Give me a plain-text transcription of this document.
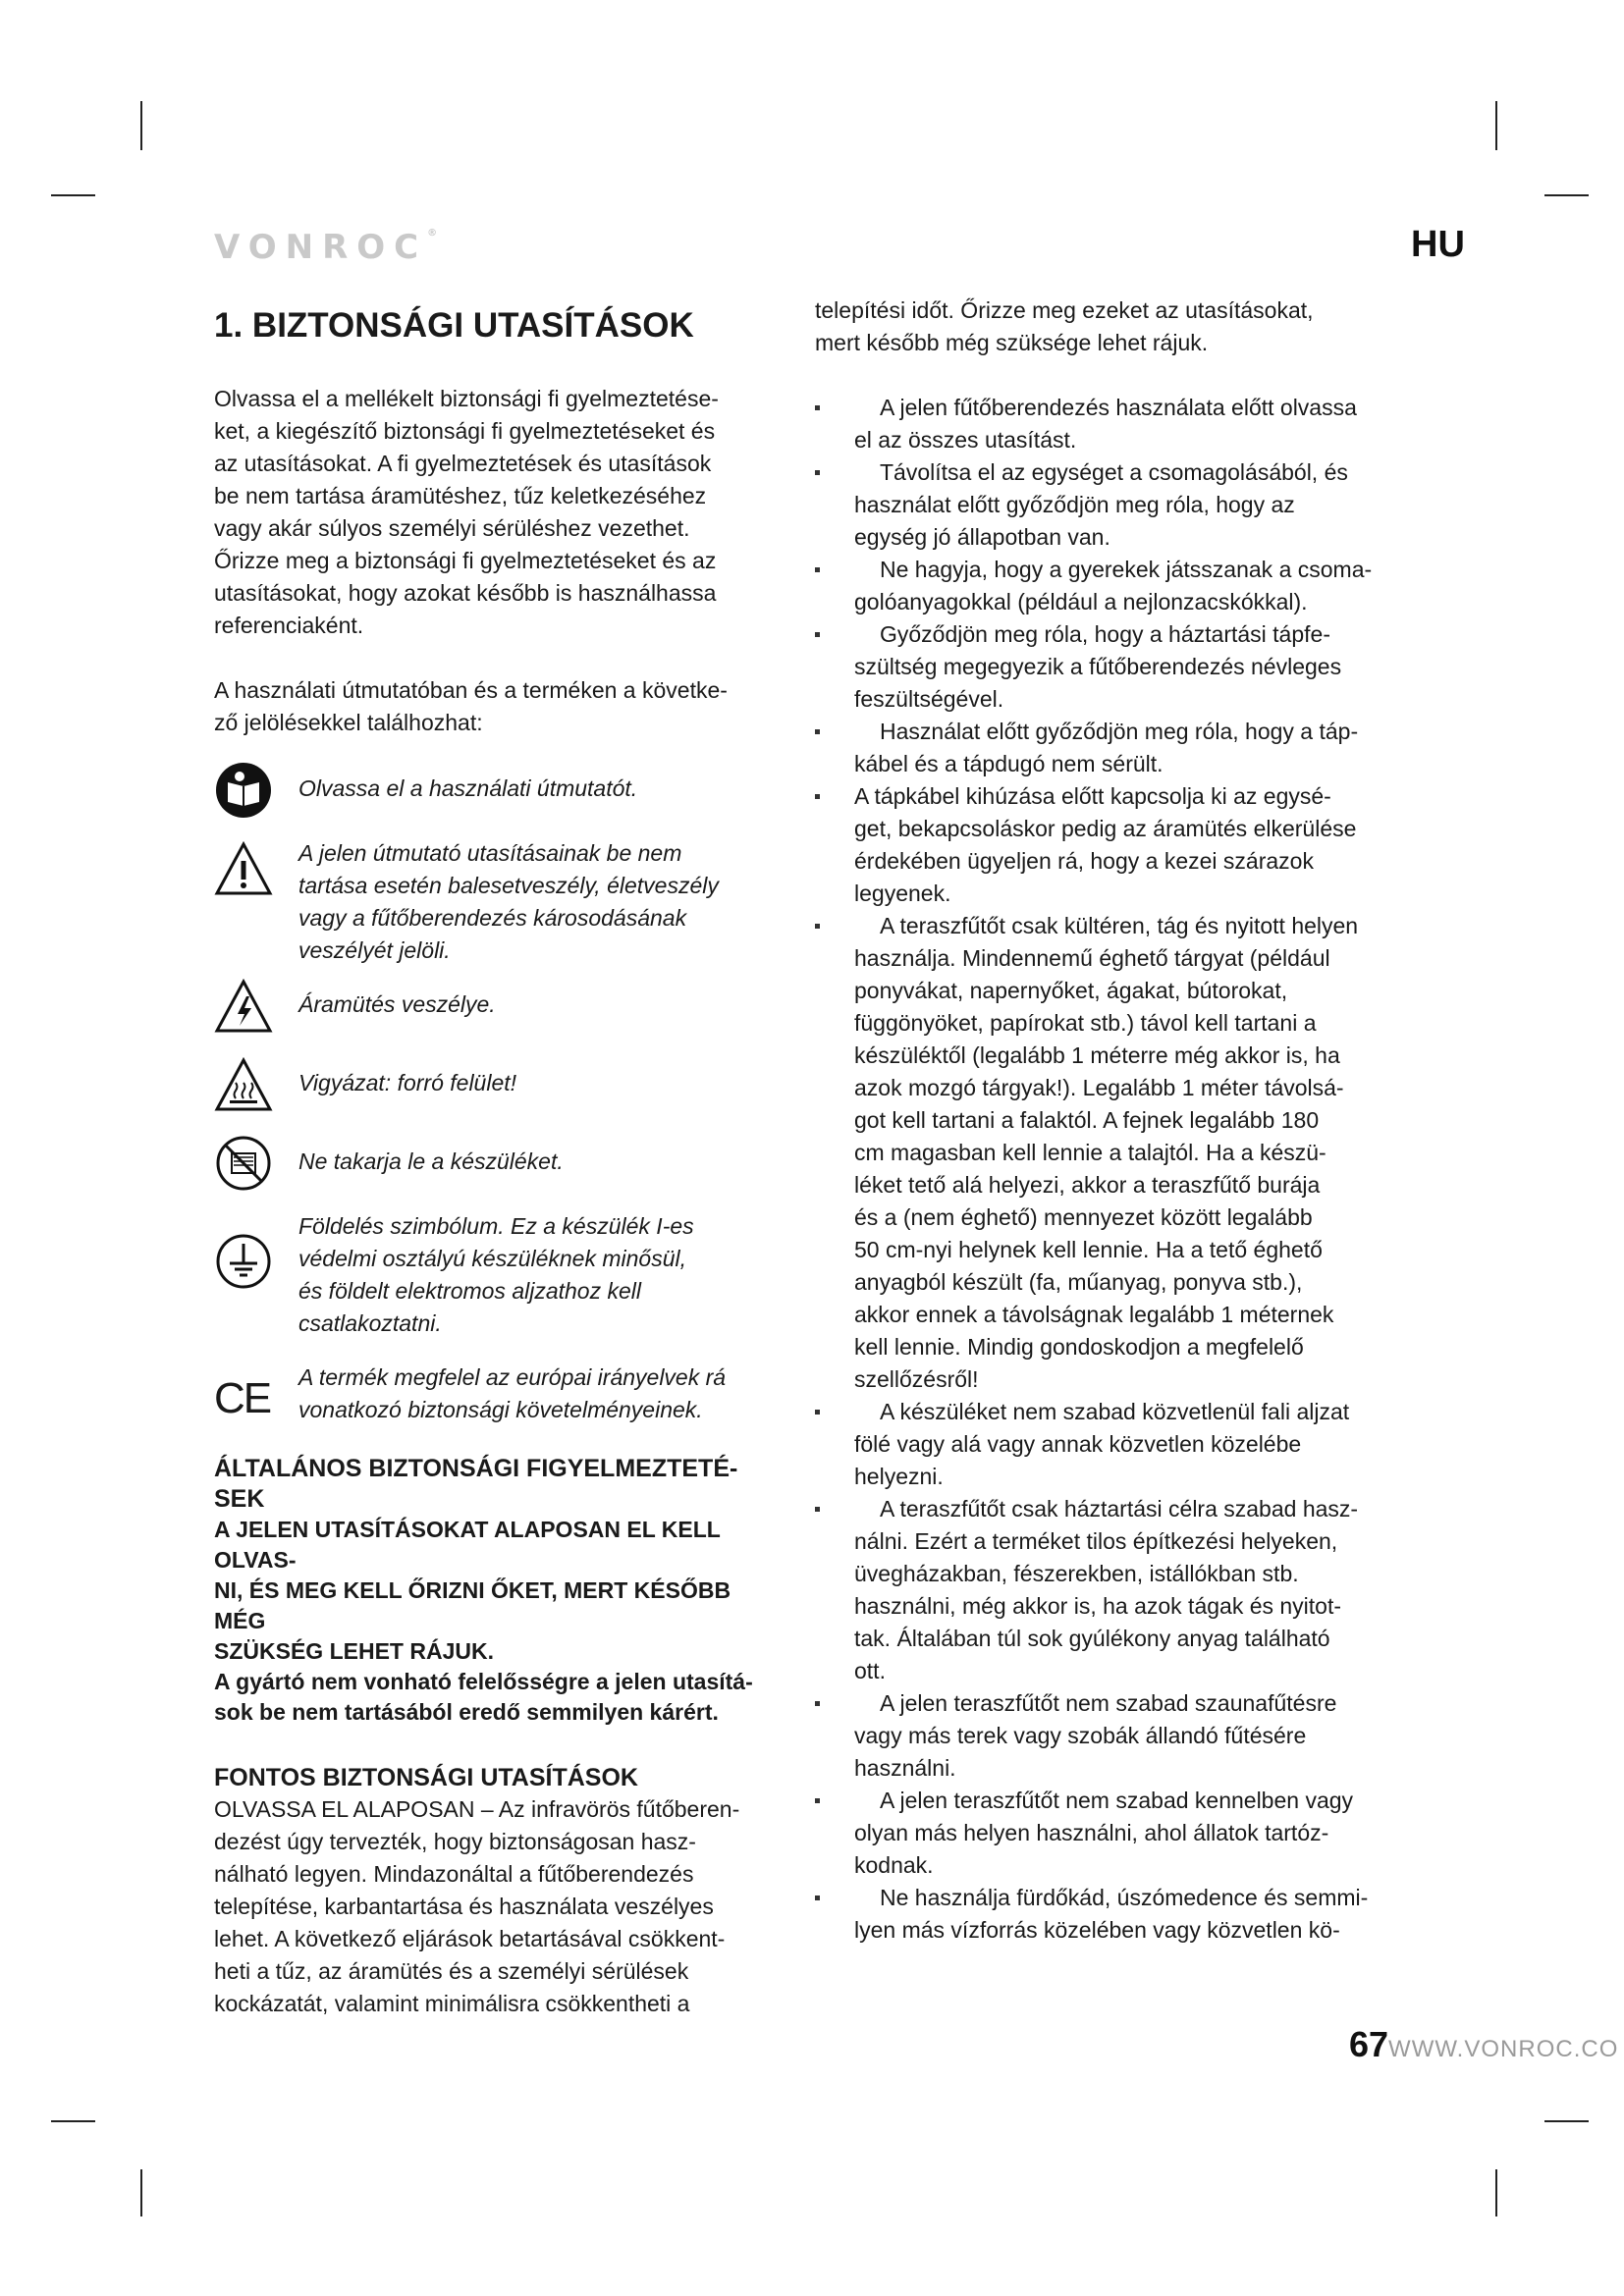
VONROC®	HU
1. BIZTONSÁGI UTASÍTÁSOK
Olvassa el a mellékelt biztonsági fi gyelmeztetése-
ket, a kiegészítő biztonsági fi gyelmeztetéseket és
az utasításokat. A fi gyelmeztetések és utasítások
be nem tartása áramütéshez, tűz keletkezéséhez
vagy akár súlyos személyi sérüléshez vezethet.
Őrizze meg a biztonsági fi gyelmeztetéseket és az
utasításokat, hogy azokat később is használhassa
referenciaként.
A használati útmutatóban és a terméken a követke-
ző jelölésekkel találhozhat:
Olvassa el a használati útmutatót.
A jelen útmutató utasításainak be nem
tartása esetén balesetveszély, életveszély
vagy a fűtőberendezés károsodásának
veszélyét jelöli.
Áramütés veszélye.
Vigyázat: forró felület!
Ne takarja le a készüléket.
Földelés szimbólum. Ez a készülék I-es
védelmi osztályú készüléknek minősül,
és földelt elektromos aljzathoz kell
csatlakoztatni.
CE A termék megfelel az európai irányelvek rá
vonatkozó biztonsági követelményeinek.
ÁLTALÁNOS BIZTONSÁGI FIGYELMEZTETÉ-
SEK
A JELEN UTASÍTÁSOKAT ALAPOSAN EL KELL OLVAS-
NI, ÉS MEG KELL ŐRIZNI ŐKET, MERT KÉSŐBB MÉG
SZÜKSÉG LEHET RÁJUK.
A gyártó nem vonható felelősségre a jelen utasítá-
sok be nem tartásából eredő semmilyen kárért.
FONTOS BIZTONSÁGI UTASÍTÁSOK
OLVASSA EL ALAPOSAN – Az infravörös fűtőberen-
dezést úgy tervezték, hogy biztonságosan hasz-
nálható legyen. Mindazonáltal a fűtőberendezés
telepítése, karbantartása és használata veszélyes
lehet. A következő eljárások betartásával csökkent-
heti a tűz, az áramütés és a személyi sérülések
kockázatát, valamint minimálisra csökkentheti a
telepítési időt. Őrizze meg ezeket az utasításokat,
mert később még szüksége lehet rájuk.
A jelen fűtőberendezés használata előtt olvassa
el az összes utasítást.
Távolítsa el az egységet a csomagolásából, és
használat előtt győződjön meg róla, hogy az
egység jó állapotban van.
Ne hagyja, hogy a gyerekek játsszanak a csoma-
golóanyagokkal (például a nejlonzacskókkal).
Győződjön meg róla, hogy a háztartási tápfe-
szültség megegyezik a fűtőberendezés névleges
feszültségével.
Használat előtt győződjön meg róla, hogy a táp-
kábel és a tápdugó nem sérült.
A tápkábel kihúzása előtt kapcsolja ki az egysé-
get, bekapcsoláskor pedig az áramütés elkerülése
érdekében ügyeljen rá, hogy a kezei szárazok
legyenek.
A teraszfűtőt csak kültéren, tág és nyitott helyen
használja. Mindennemű éghető tárgyat (például
ponyvákat, napernyőket, ágakat, bútorokat,
függönyöket, papírokat stb.) távol kell tartani a
készüléktől (legalább 1 méterre még akkor is, ha
azok mozgó tárgyak!). Legalább 1 méter távolsá-
got kell tartani a falaktól. A fejnek legalább 180
cm magasban kell lennie a talajtól. Ha a készü-
léket tető alá helyezi, akkor a teraszfűtő burája
és a (nem éghető) mennyezet között legalább
50 cm-nyi helynek kell lennie. Ha a tető éghető
anyagból készült (fa, műanyag, ponyva stb.),
akkor ennek a távolságnak legalább 1 méternek
kell lennie. Mindig gondoskodjon a megfelelő
szellőzésről!
A készüléket nem szabad közvetlenül fali aljzat
fölé vagy alá vagy annak közvetlen közelébe
helyezni.
A teraszfűtőt csak háztartási célra szabad hasz-
nálni. Ezért a terméket tilos építkezési helyeken,
üvegházakban, fészerekben, istállókban stb.
használni, még akkor is, ha azok tágak és nyitot-
tak. Általában túl sok gyúlékony anyag található
ott.
A jelen teraszfűtőt nem szabad szaunafűtésre
vagy más terek vagy szobák állandó fűtésére
használni.
A jelen teraszfűtőt nem szabad kennelben vagy
olyan más helyen használni, ahol állatok tartóz-
kodnak.
Ne használja fürdőkád, úszómedence és semmi-
lyen más vízforrás közelében vagy közvetlen kö-
67WWW.VONROC.CO
